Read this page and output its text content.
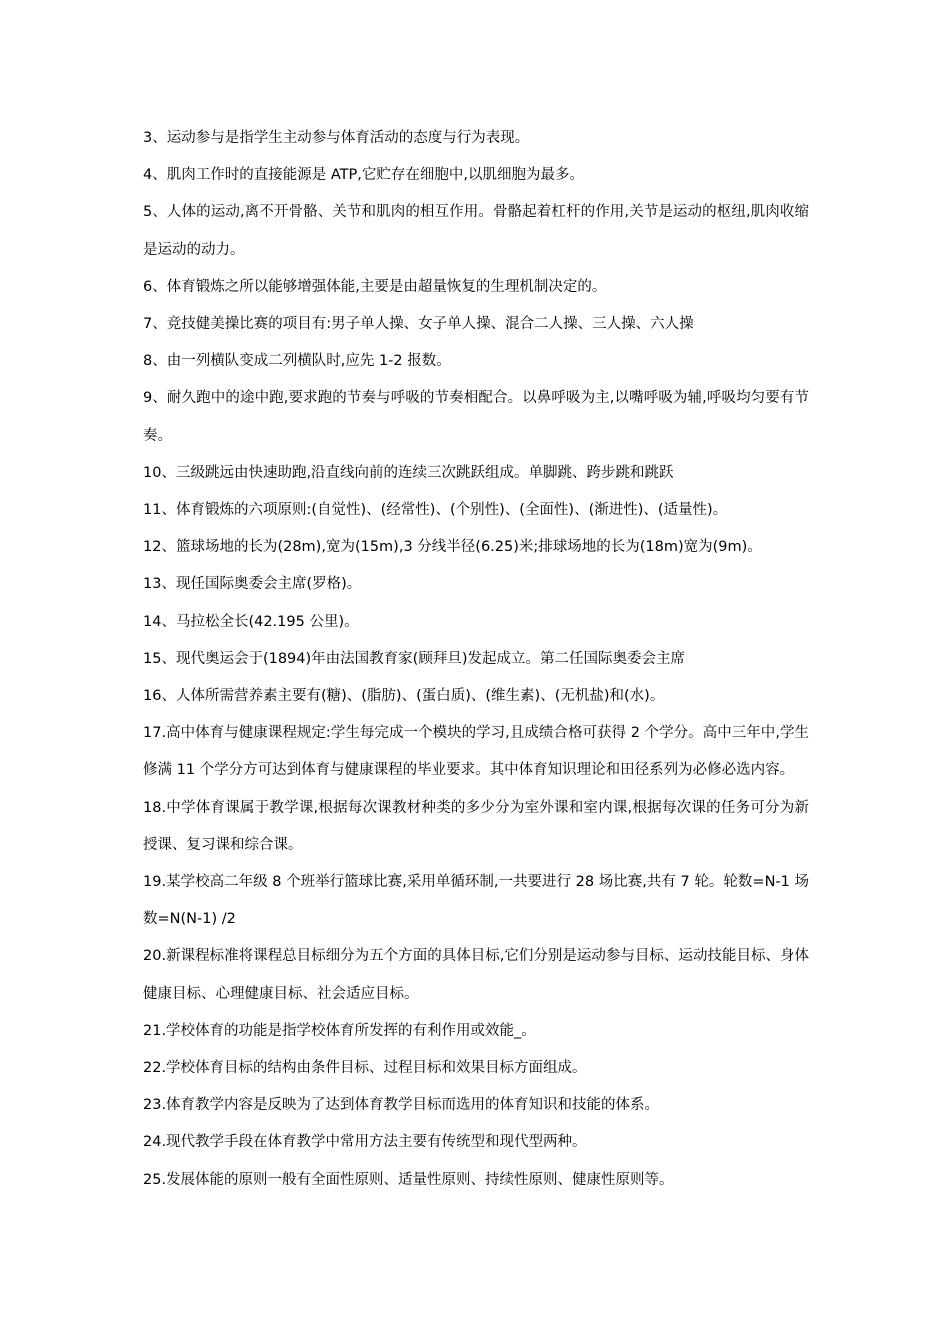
3、运动参与是指学生主动参与体育活动的态度与行为表现。

4、肌肉工作时的直接能源是 ATP,它贮存在细胞中,以肌细胞为最多。

5、人体的运动,离不开骨骼、关节和肌肉的相互作用。骨骼起着杠杆的作用,关节是运动的枢纽,肌肉收缩是运动的动力。

6、体育锻炼之所以能够增强体能,主要是由超量恢复的生理机制决定的。

7、竞技健美操比赛的项目有:男子单人操、女子单人操、混合二人操、三人操、六人操

8、由一列横队变成二列横队时,应先 1-2 报数。

9、耐久跑中的途中跑,要求跑的节奏与呼吸的节奏相配合。以鼻呼吸为主,以嘴呼吸为辅,呼吸均匀要有节奏。

10、三级跳远由快速助跑,沿直线向前的连续三次跳跃组成。单脚跳、跨步跳和跳跃

11、体育锻炼的六项原则:(自觉性)、(经常性)、(个别性)、(全面性)、(渐进性)、(适量性)。

12、篮球场地的长为(28m),宽为(15m),3 分线半径(6.25)米;排球场地的长为(18m)宽为(9m)。

13、现任国际奥委会主席(罗格)。

14、马拉松全长(42.195 公里)。

15、现代奥运会于(1894)年由法国教育家(顾拜旦)发起成立。第二任国际奥委会主席

16、人体所需营养素主要有(糖)、(脂肪)、(蛋白质)、(维生素)、(无机盐)和(水)。

17.高中体育与健康课程规定:学生每完成一个模块的学习,且成绩合格可获得 2 个学分。高中三年中,学生修满 11 个学分方可达到体育与健康课程的毕业要求。其中体育知识理论和田径系列为必修必选内容。

18.中学体育课属于教学课,根据每次课教材种类的多少分为室外课和室内课,根据每次课的任务可分为新授课、复习课和综合课。

19.某学校高二年级 8 个班举行篮球比赛,采用单循环制,一共要进行 28 场比赛,共有 7 轮。轮数=N-1 场数=N(N-1) /2

20.新课程标准将课程总目标细分为五个方面的具体目标,它们分别是运动参与目标、运动技能目标、身体健康目标、心理健康目标、社会适应目标。

21.学校体育的功能是指学校体育所发挥的有利作用或效能_。

22.学校体育目标的结构由条件目标、过程目标和效果目标方面组成。

23.体育教学内容是反映为了达到体育教学目标而选用的体育知识和技能的体系。

24.现代教学手段在体育教学中常用方法主要有传统型和现代型两种。

25.发展体能的原则一般有全面性原则、适量性原则、持续性原则、健康性原则等。
